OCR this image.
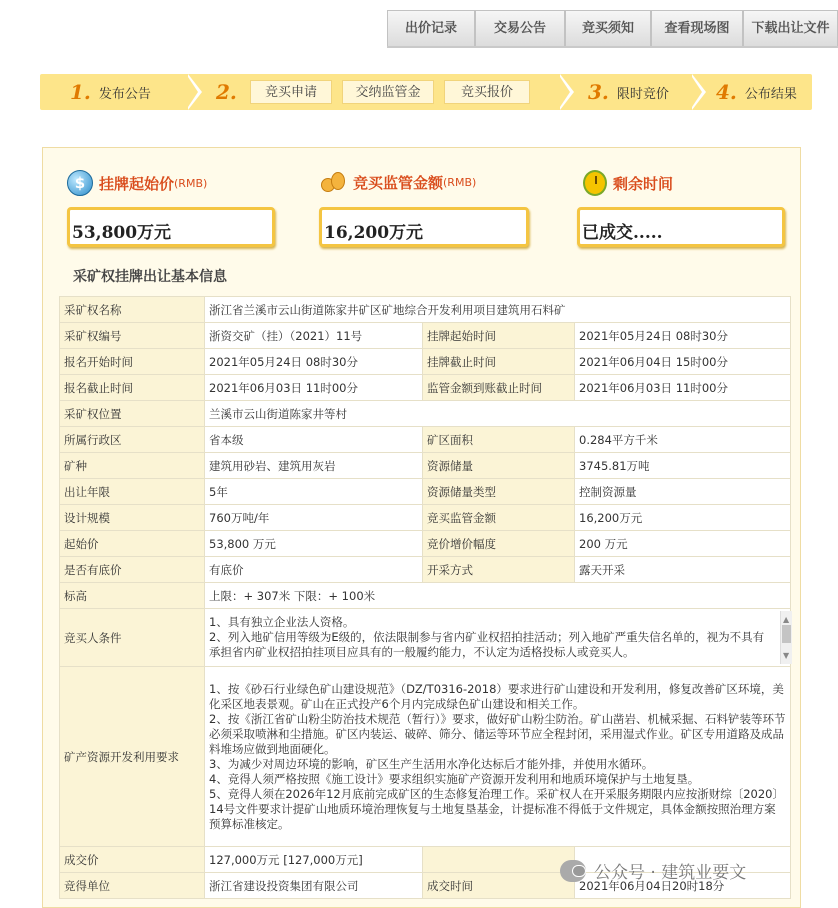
出价记录	交易公告	竞买须知	查看现场图	下载出让文件
1. 发布公告	2.	竞买申请	交纳监管金	竞买报价	3. 限时竞价 4. 公布结果
$ 挂牌起始价 (RMB)	竞买监管金额 (RMB)	剩余时间
53,800万元	16,200万元	已成交.....
采矿权挂牌出让基本信息
采矿权名称	浙江省兰溪市云山街道陈家井矿区矿地综合开发利用项目建筑用石料矿		
采矿权编号	浙资交矿（挂）（2021）11号	挂牌起始时间	2021年05月24日 08时30分
报名开始时间	2021年05月24日 08时30分	挂牌截止时间	2021年06月04日 15时00分
报名截止时间	2021年06月03日 11时00分	监管金额到账截止时间	2021年06月03日 11时00分
采矿权位置	兰溪市云山街道陈家井等村		
所属行政区	省本级	矿区面积	0.284平方千米
矿种	建筑用砂岩、建筑用灰岩	资源储量	3745.81万吨
出让年限	5年	资源储量类型	控制资源量
设计规模	760万吨/年	竞买监管金额	16,200万元
起始价	53,800 万元	竞价增价幅度	200 万元
是否有底价	有底价	开采方式	露天开采
标高	上限：+ 307米 下限：+ 100米		
竞买人条件	1、具有独立企业法人资格。
2、列入地矿信用等级为E级的，依法限制参与省内矿业权招拍挂活动；列入地矿严重失信名单的，视为不具有承担省内矿业权招拍挂项目应具有的一般履约能力，不认定为适格投标人或竞买人。
▲
▼		

矿产资源开发利用要求	1、按《砂石行业绿色矿山建设规范》（DZ/T0316-2018）要求进行矿山建设和开发利用，修复改善矿区环境，美化采区地表景观。矿山在正式投产6个月内完成绿色矿山建设和相关工作。
2、按《浙江省矿山粉尘防治技术规范（暂行）》要求，做好矿山粉尘防治。矿山凿岩、机械采掘、石料铲装等环节必须采取喷淋和尘措施。矿区内装运、破碎、筛分、储运等环节应全程封闭，采用湿式作业。矿区专用道路及成品料堆场应做到地面硬化。
3、为减少对周边环境的影响，矿区生产生活用水净化达标后才能外排，并使用水循环。
4、竞得人须严格按照《施工设计》要求组织实施矿产资源开发利用和地质环境保护与土地复垦。
5、竞得人须在2026年12月底前完成矿区的生态修复治理工作。采矿权人在开采服务期限内应按浙财综〔2020〕14号文件要求计提矿山地质环境治理恢复与土地复垦基金，计提标准不得低于文件规定，具体金额按照治理方案预算标准核定。		

成交价	127,000万元 [127,000万元]		
竞得单位	浙江省建设投资集团有限公司	成交时间	2021年06月04日20时18分
公众号 · 建筑业要文
